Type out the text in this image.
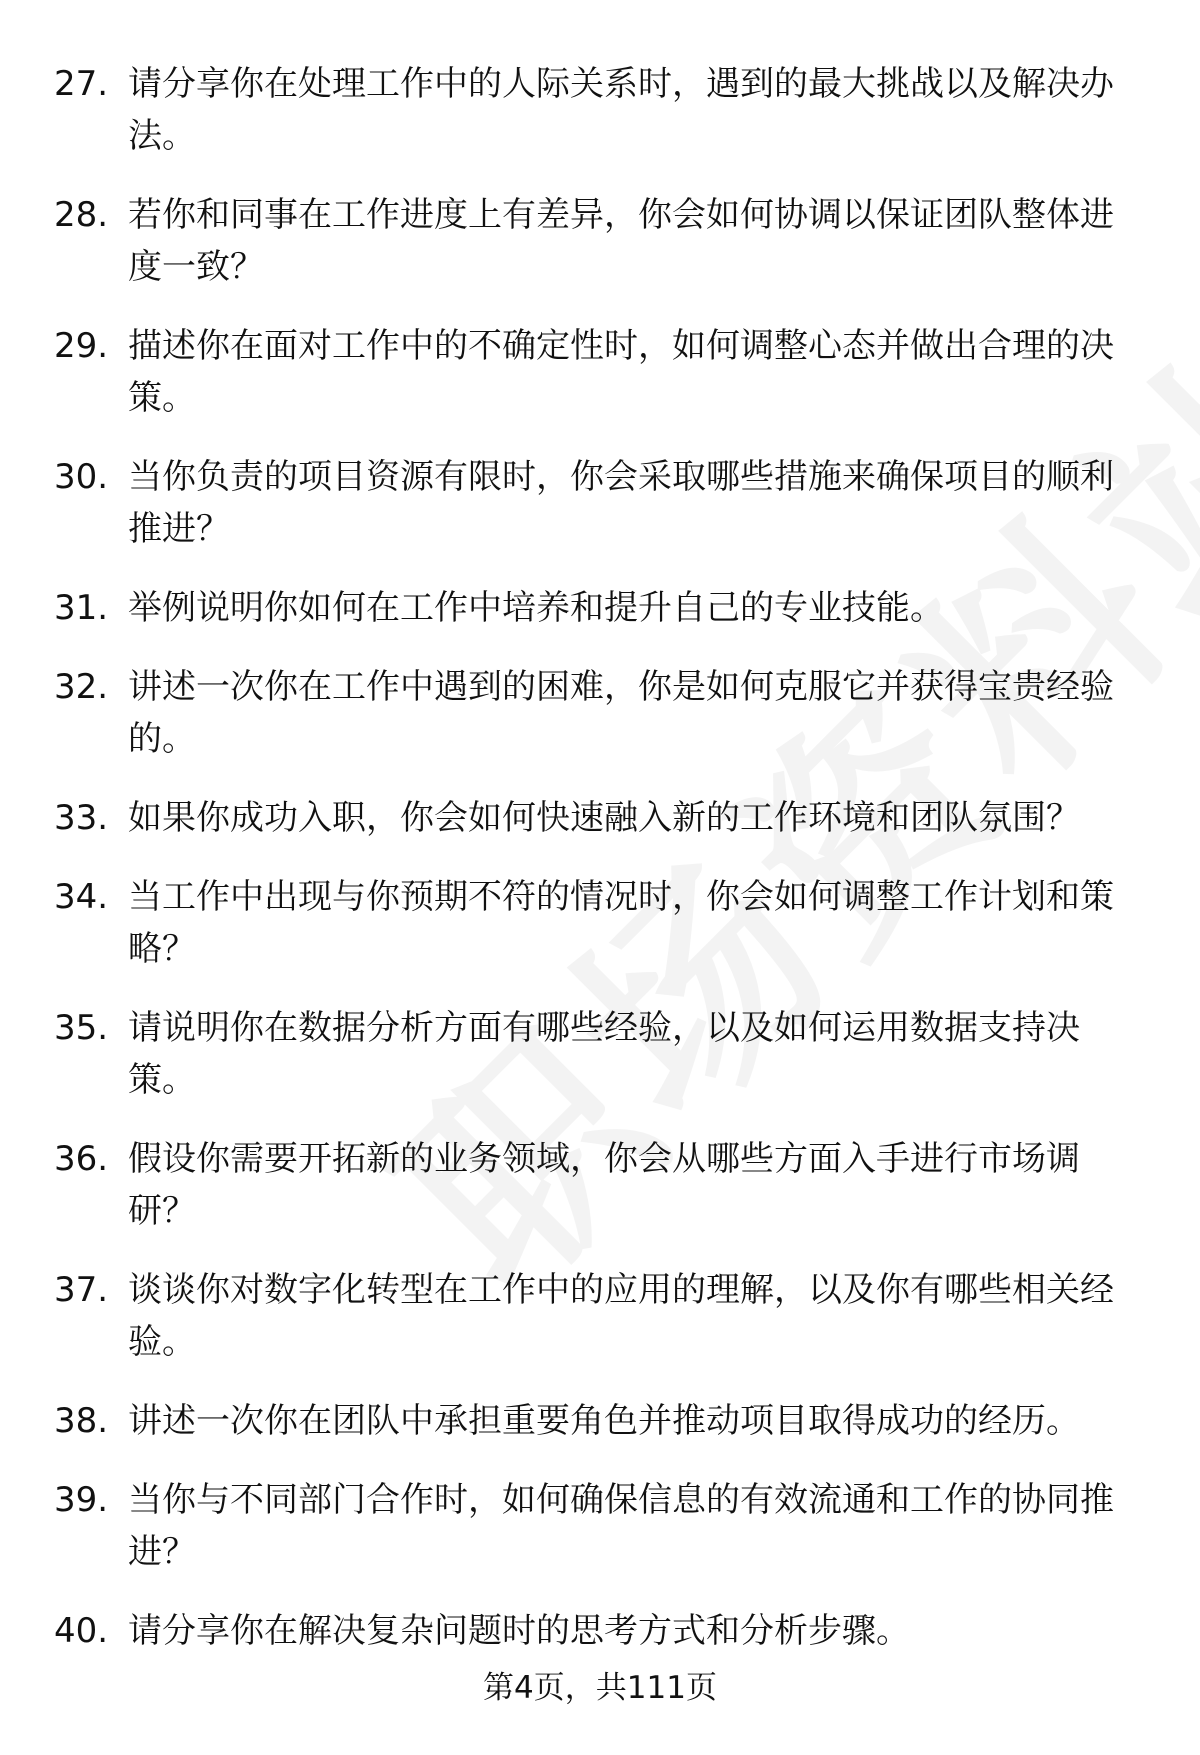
27. 请分享你在处理工作中的人际关系时，遇到的最大挑战以及解决办法。
28. 若你和同事在工作进度上有差异，你会如何协调以保证团队整体进度一致？
29. 描述你在面对工作中的不确定性时，如何调整心态并做出合理的决策。
30. 当你负责的项目资源有限时，你会采取哪些措施来确保项目的顺利推进？
31. 举例说明你如何在工作中培养和提升自己的专业技能。
32. 讲述一次你在工作中遇到的困难，你是如何克服它并获得宝贵经验的。
33. 如果你成功入职，你会如何快速融入新的工作环境和团队氛围？
34. 当工作中出现与你预期不符的情况时，你会如何调整工作计划和策略？
35. 请说明你在数据分析方面有哪些经验，以及如何运用数据支持决策。
36. 假设你需要开拓新的业务领域，你会从哪些方面入手进行市场调研？
37. 谈谈你对数字化转型在工作中的应用的理解，以及你有哪些相关经验。
38. 讲述一次你在团队中承担重要角色并推动项目取得成功的经历。
39. 当你与不同部门合作时，如何确保信息的有效流通和工作的协同推进？
40. 请分享你在解决复杂问题时的思考方式和分析步骤。
第4页，共111页
